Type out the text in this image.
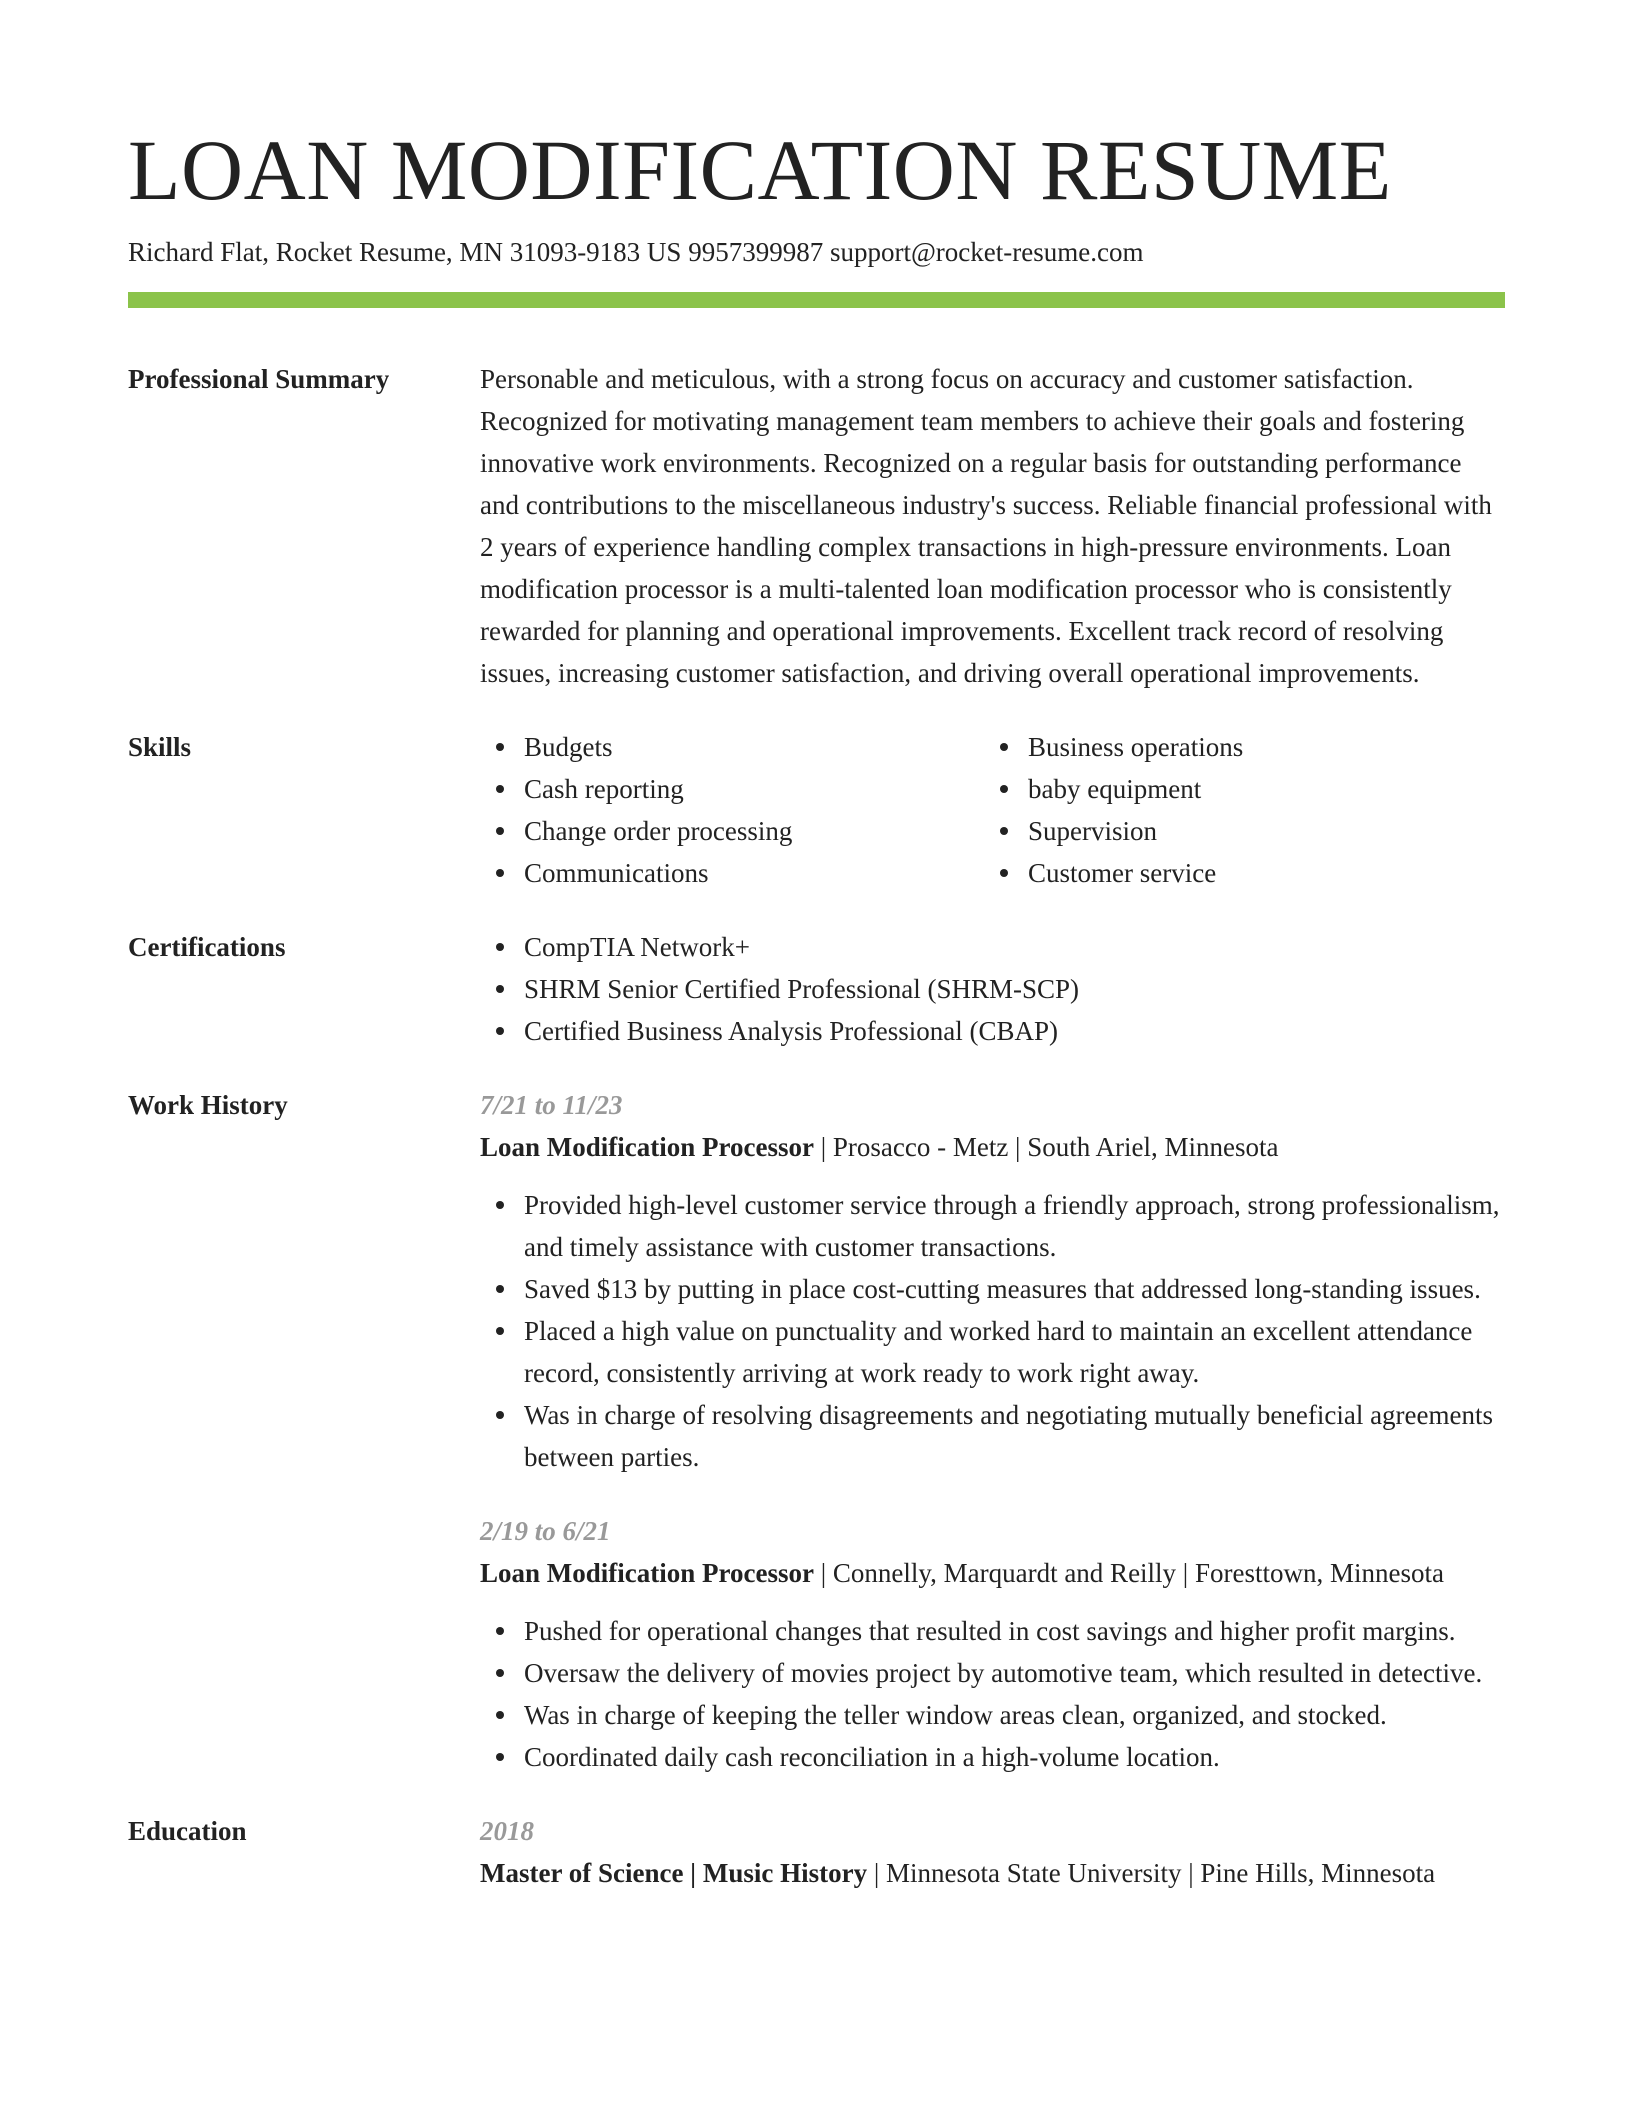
LOAN MODIFICATION RESUME
Richard Flat, Rocket Resume, MN 31093-9183 US 9957399987 support@rocket-resume.com
Professional Summary	Personable and meticulous, with a strong focus on accuracy and customer satisfaction. Recognized for motivating management team members to achieve their goals and fostering innovative work environments. Recognized on a regular basis for outstanding performance and contributions to the miscellaneous industry's success. Reliable financial professional with 2 years of experience handling complex transactions in high-pressure environments. Loan modification processor is a multi-talented loan modification processor who is consistently rewarded for planning and operational improvements. Excellent track record of resolving issues, increasing customer satisfaction, and driving overall operational improvements.
Skills	Budgets
Cash reporting
Change order processing
Communications
Business operations
baby equipment
Supervision
Customer service
Certifications	CompTIA Network+
SHRM Senior Certified Professional (SHRM-SCP)
Certified Business Analysis Professional (CBAP)
Work History	7/21 to 11/23
Loan Modification Processor | Prosacco - Metz | South Ariel, Minnesota
Provided high-level customer service through a friendly approach, strong professionalism, and timely assistance with customer transactions.
Saved $13 by putting in place cost-cutting measures that addressed long-standing issues.
Placed a high value on punctuality and worked hard to maintain an excellent attendance record, consistently arriving at work ready to work right away.
Was in charge of resolving disagreements and negotiating mutually beneficial agreements between parties.
2/19 to 6/21
Loan Modification Processor | Connelly, Marquardt and Reilly | Foresttown, Minnesota
Pushed for operational changes that resulted in cost savings and higher profit margins.
Oversaw the delivery of movies project by automotive team, which resulted in detective.
Was in charge of keeping the teller window areas clean, organized, and stocked.
Coordinated daily cash reconciliation in a high-volume location.
Education	2018
Master of Science | Music History | Minnesota State University | Pine Hills, Minnesota
